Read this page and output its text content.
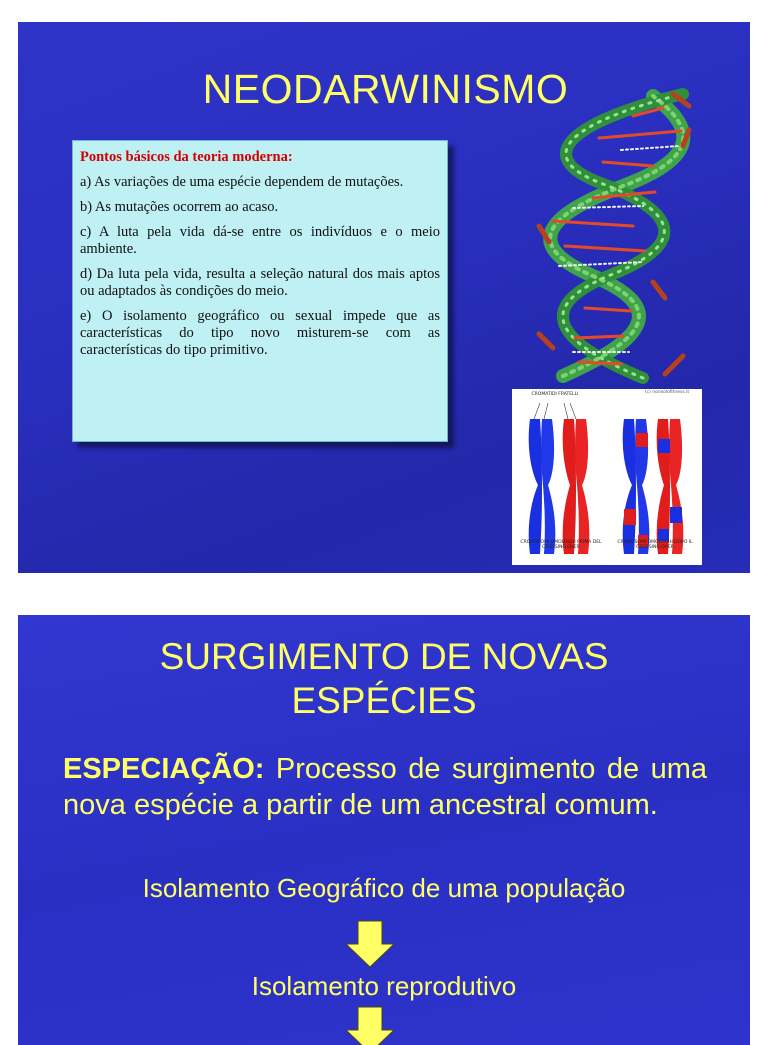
NEODARWINISMO

Pontos básicos da teoria moderna:

a) As variações de uma espécie dependem de mutações.

b) As mutações ocorrem ao acaso.

c) A luta pela vida dá-se entre os indivíduos e o meio ambiente.

d) Da luta pela vida, resulta a seleção natural dos mais aptos ou adaptados às condições do meio.

e) O isolamento geográfico ou sexual impede que as características do tipo novo misturem-se com as características do tipo primitivo.

CROMATIDI FRATELLI	(c) nonsolofitness.it
CROMOSOMI OMOLOGHI PRIMA DEL CROSSING OVER
CROMOSOMI OMOLOGHI DOPO IL CROSSING OVER
SURGIMENTO DE NOVAS
ESPÉCIES
ESPECIAÇÃO: Processo de surgimento de uma nova espécie a partir de um ancestral comum.
Isolamento Geográfico de uma população
Isolamento reprodutivo
